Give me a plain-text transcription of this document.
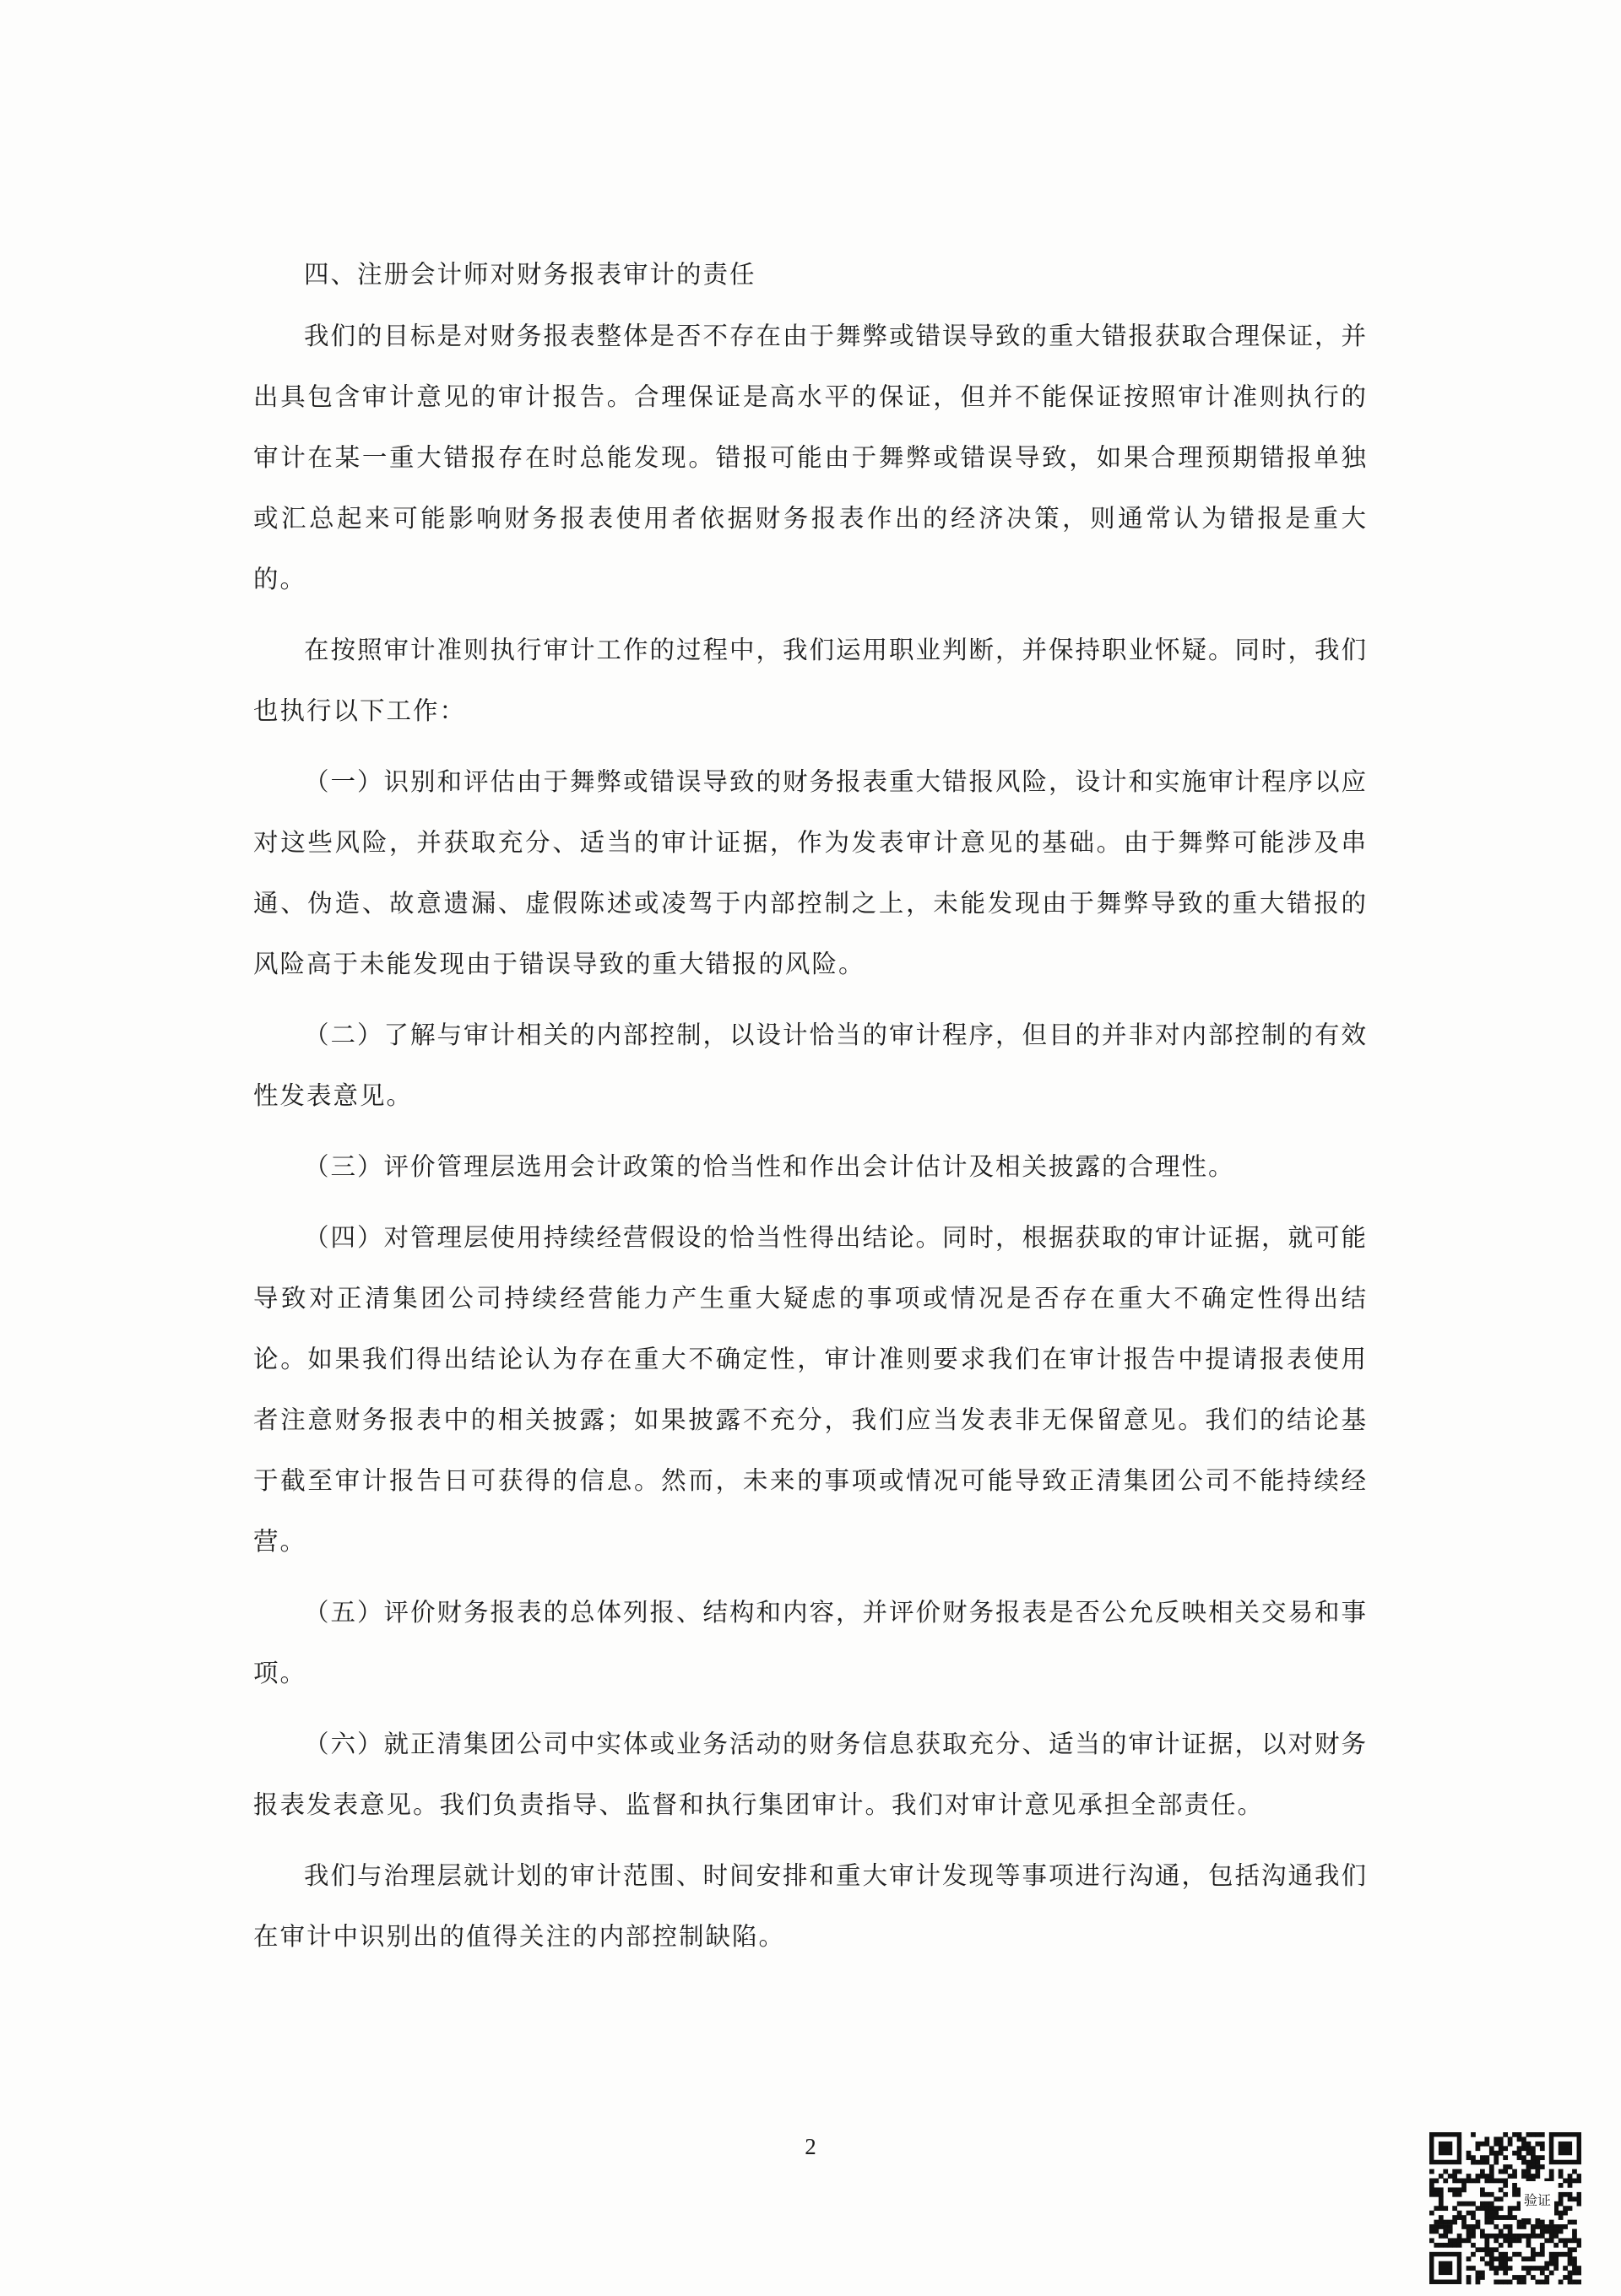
四、注册会计师对财务报表审计的责任

我们的目标是对财务报表整体是否不存在由于舞弊或错误导致的重大错报获取合理保证，并出具包含审计意见的审计报告。合理保证是高水平的保证，但并不能保证按照审计准则执行的审计在某一重大错报存在时总能发现。错报可能由于舞弊或错误导致，如果合理预期错报单独或汇总起来可能影响财务报表使用者依据财务报表作出的经济决策，则通常认为错报是重大的。

在按照审计准则执行审计工作的过程中，我们运用职业判断，并保持职业怀疑。同时，我们也执行以下工作：

（一）识别和评估由于舞弊或错误导致的财务报表重大错报风险，设计和实施审计程序以应对这些风险，并获取充分、适当的审计证据，作为发表审计意见的基础。由于舞弊可能涉及串通、伪造、故意遗漏、虚假陈述或凌驾于内部控制之上，未能发现由于舞弊导致的重大错报的风险高于未能发现由于错误导致的重大错报的风险。

（二）了解与审计相关的内部控制，以设计恰当的审计程序，但目的并非对内部控制的有效性发表意见。

（三）评价管理层选用会计政策的恰当性和作出会计估计及相关披露的合理性。

（四）对管理层使用持续经营假设的恰当性得出结论。同时，根据获取的审计证据，就可能导致对正清集团公司持续经营能力产生重大疑虑的事项或情况是否存在重大不确定性得出结论。如果我们得出结论认为存在重大不确定性，审计准则要求我们在审计报告中提请报表使用者注意财务报表中的相关披露；如果披露不充分，我们应当发表非无保留意见。我们的结论基于截至审计报告日可获得的信息。然而，未来的事项或情况可能导致正清集团公司不能持续经营。

（五）评价财务报表的总体列报、结构和内容，并评价财务报表是否公允反映相关交易和事项。

（六）就正清集团公司中实体或业务活动的财务信息获取充分、适当的审计证据，以对财务报表发表意见。我们负责指导、监督和执行集团审计。我们对审计意见承担全部责任。

我们与治理层就计划的审计范围、时间安排和重大审计发现等事项进行沟通，包括沟通我们在审计中识别出的值得关注的内部控制缺陷。

2
验证
